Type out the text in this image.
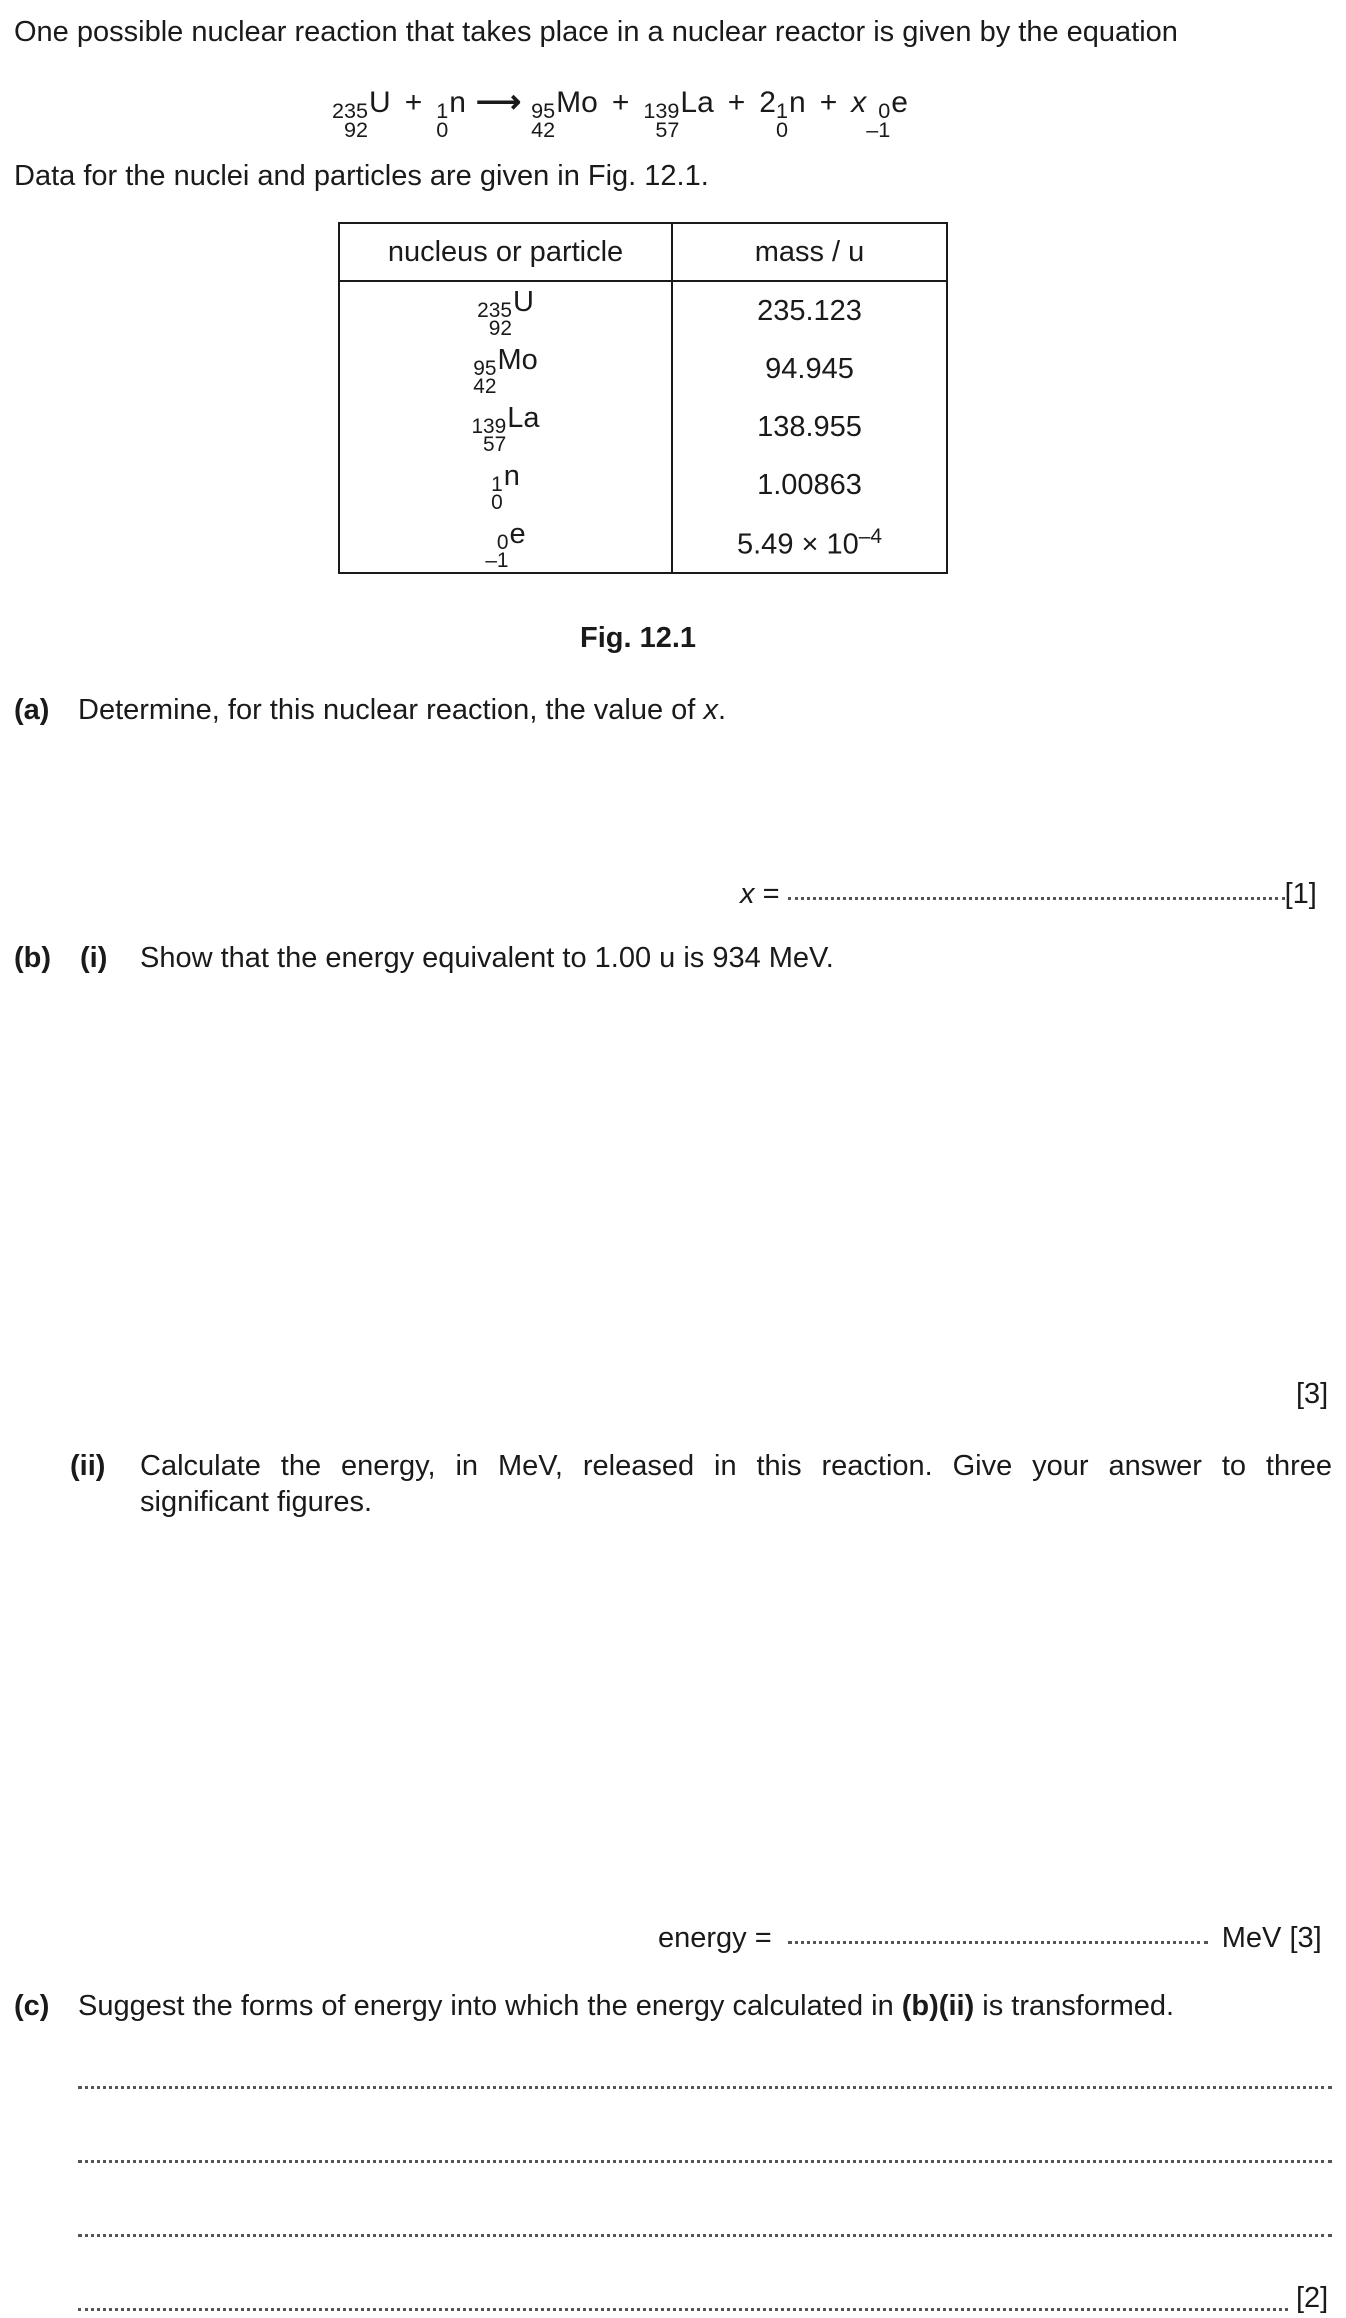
One possible nuclear reaction that takes place in a nuclear reactor is given by the equation
235
92
U + 1
0
n ⟶ 95
42
Mo + 139
57
La + 2 1
0
n + x 0
–1
e
Data for the nuclei and particles are given in Fig. 12.1.
nucleus or particle	mass / u

235
92
U	235.123

95
42
Mo	94.945

139
57
La	138.955

1
0
n	1.00863

0
–1
e	$5.49 \times 10^{-4}$
Fig. 12.1
(a) Determine, for this nuclear reaction, the value of x.
x =	[1]
(b) (i) Show that the energy equivalent to 1.00 u is 934 MeV.
[3]
(ii) Calculate the energy, in MeV, released in this reaction. Give your answer to three
significant figures.
energy =	MeV [3]
(c) Suggest the forms of energy into which the energy calculated in (b)(ii) is transformed.
[2]
